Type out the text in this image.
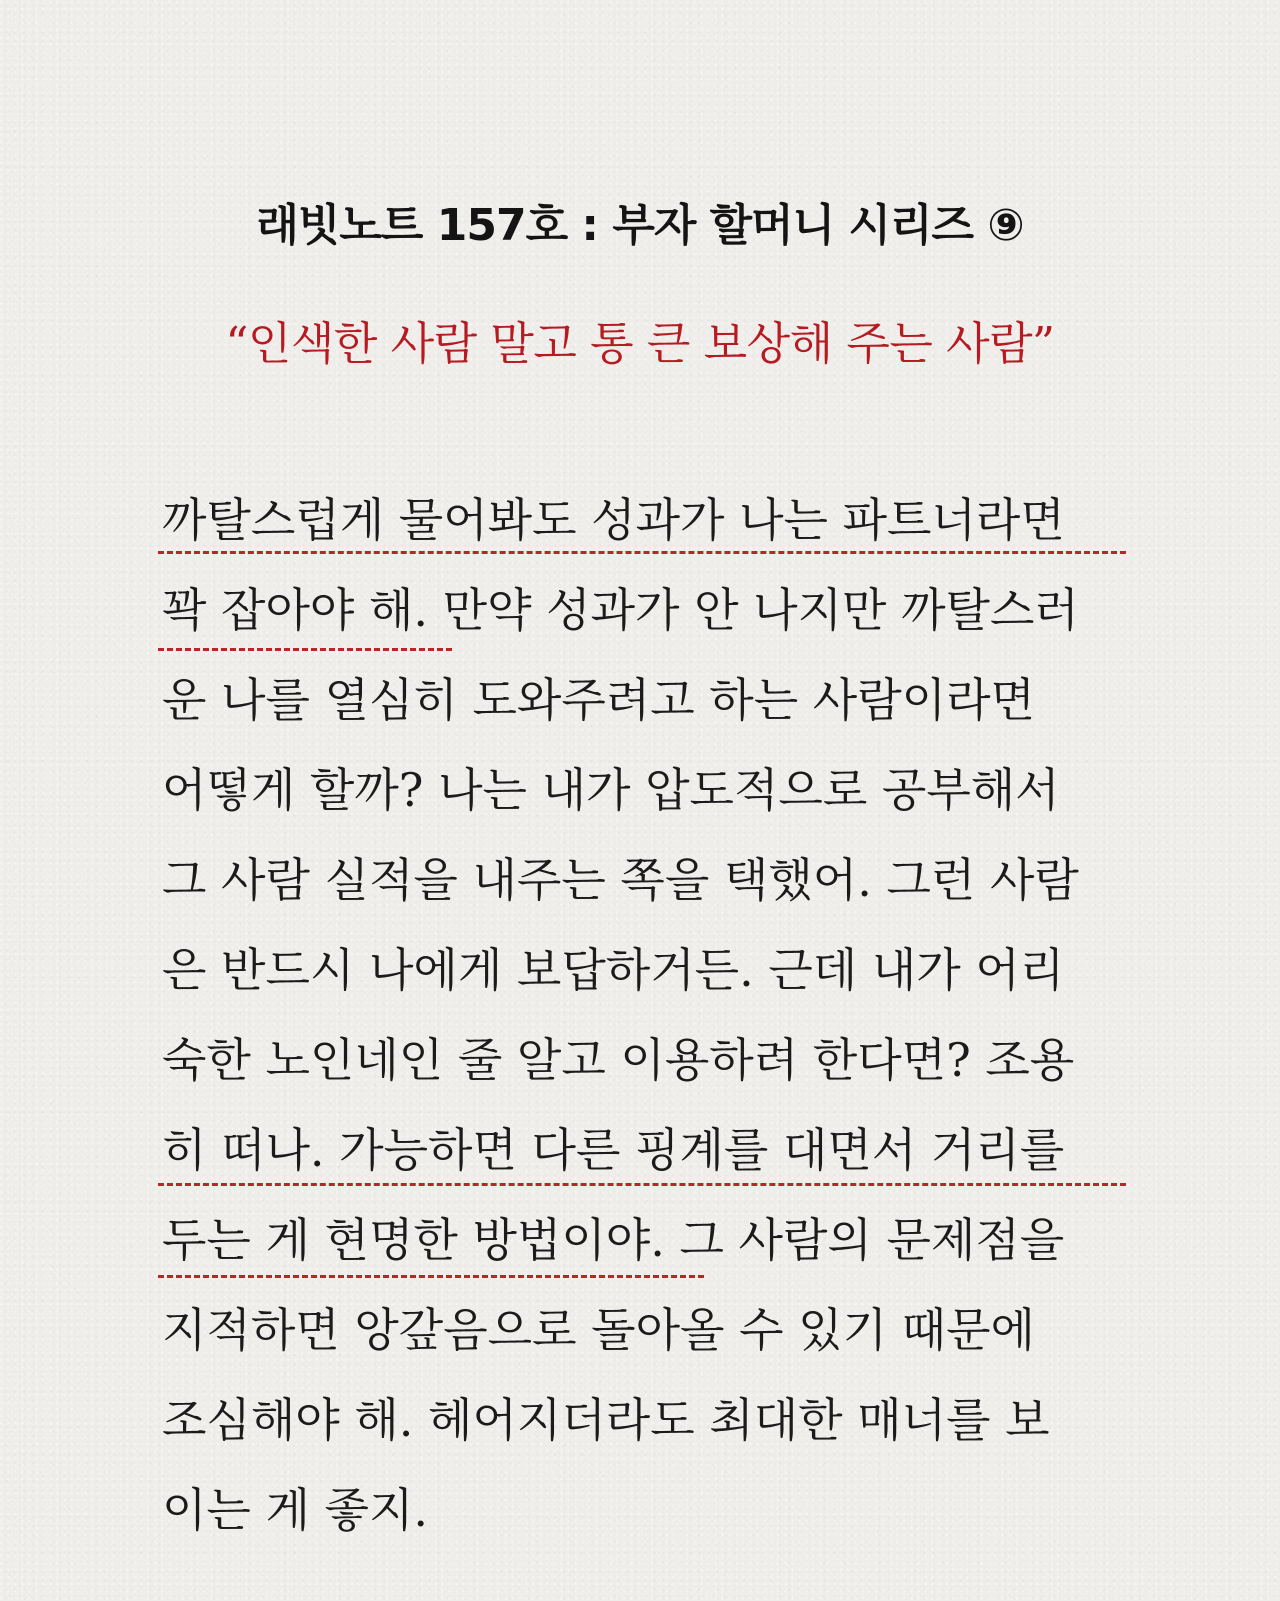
래빗노트 157호 : 부자 할머니 시리즈 ⑨
“인색한 사람 말고 통 큰 보상해 주는 사람”
까탈스럽게 물어봐도 성과가 나는 파트너라면
꽉 잡아야 해. 만약 성과가 안 나지만 까탈스러
운 나를 열심히 도와주려고 하는 사람이라면
어떻게 할까? 나는 내가 압도적으로 공부해서
그 사람 실적을 내주는 쪽을 택했어. 그런 사람
은 반드시 나에게 보답하거든. 근데 내가 어리
숙한 노인네인 줄 알고 이용하려 한다면? 조용
히 떠나. 가능하면 다른 핑계를 대면서 거리를
두는 게 현명한 방법이야. 그 사람의 문제점을
지적하면 앙갚음으로 돌아올 수 있기 때문에
조심해야 해. 헤어지더라도 최대한 매너를 보
이는 게 좋지.
